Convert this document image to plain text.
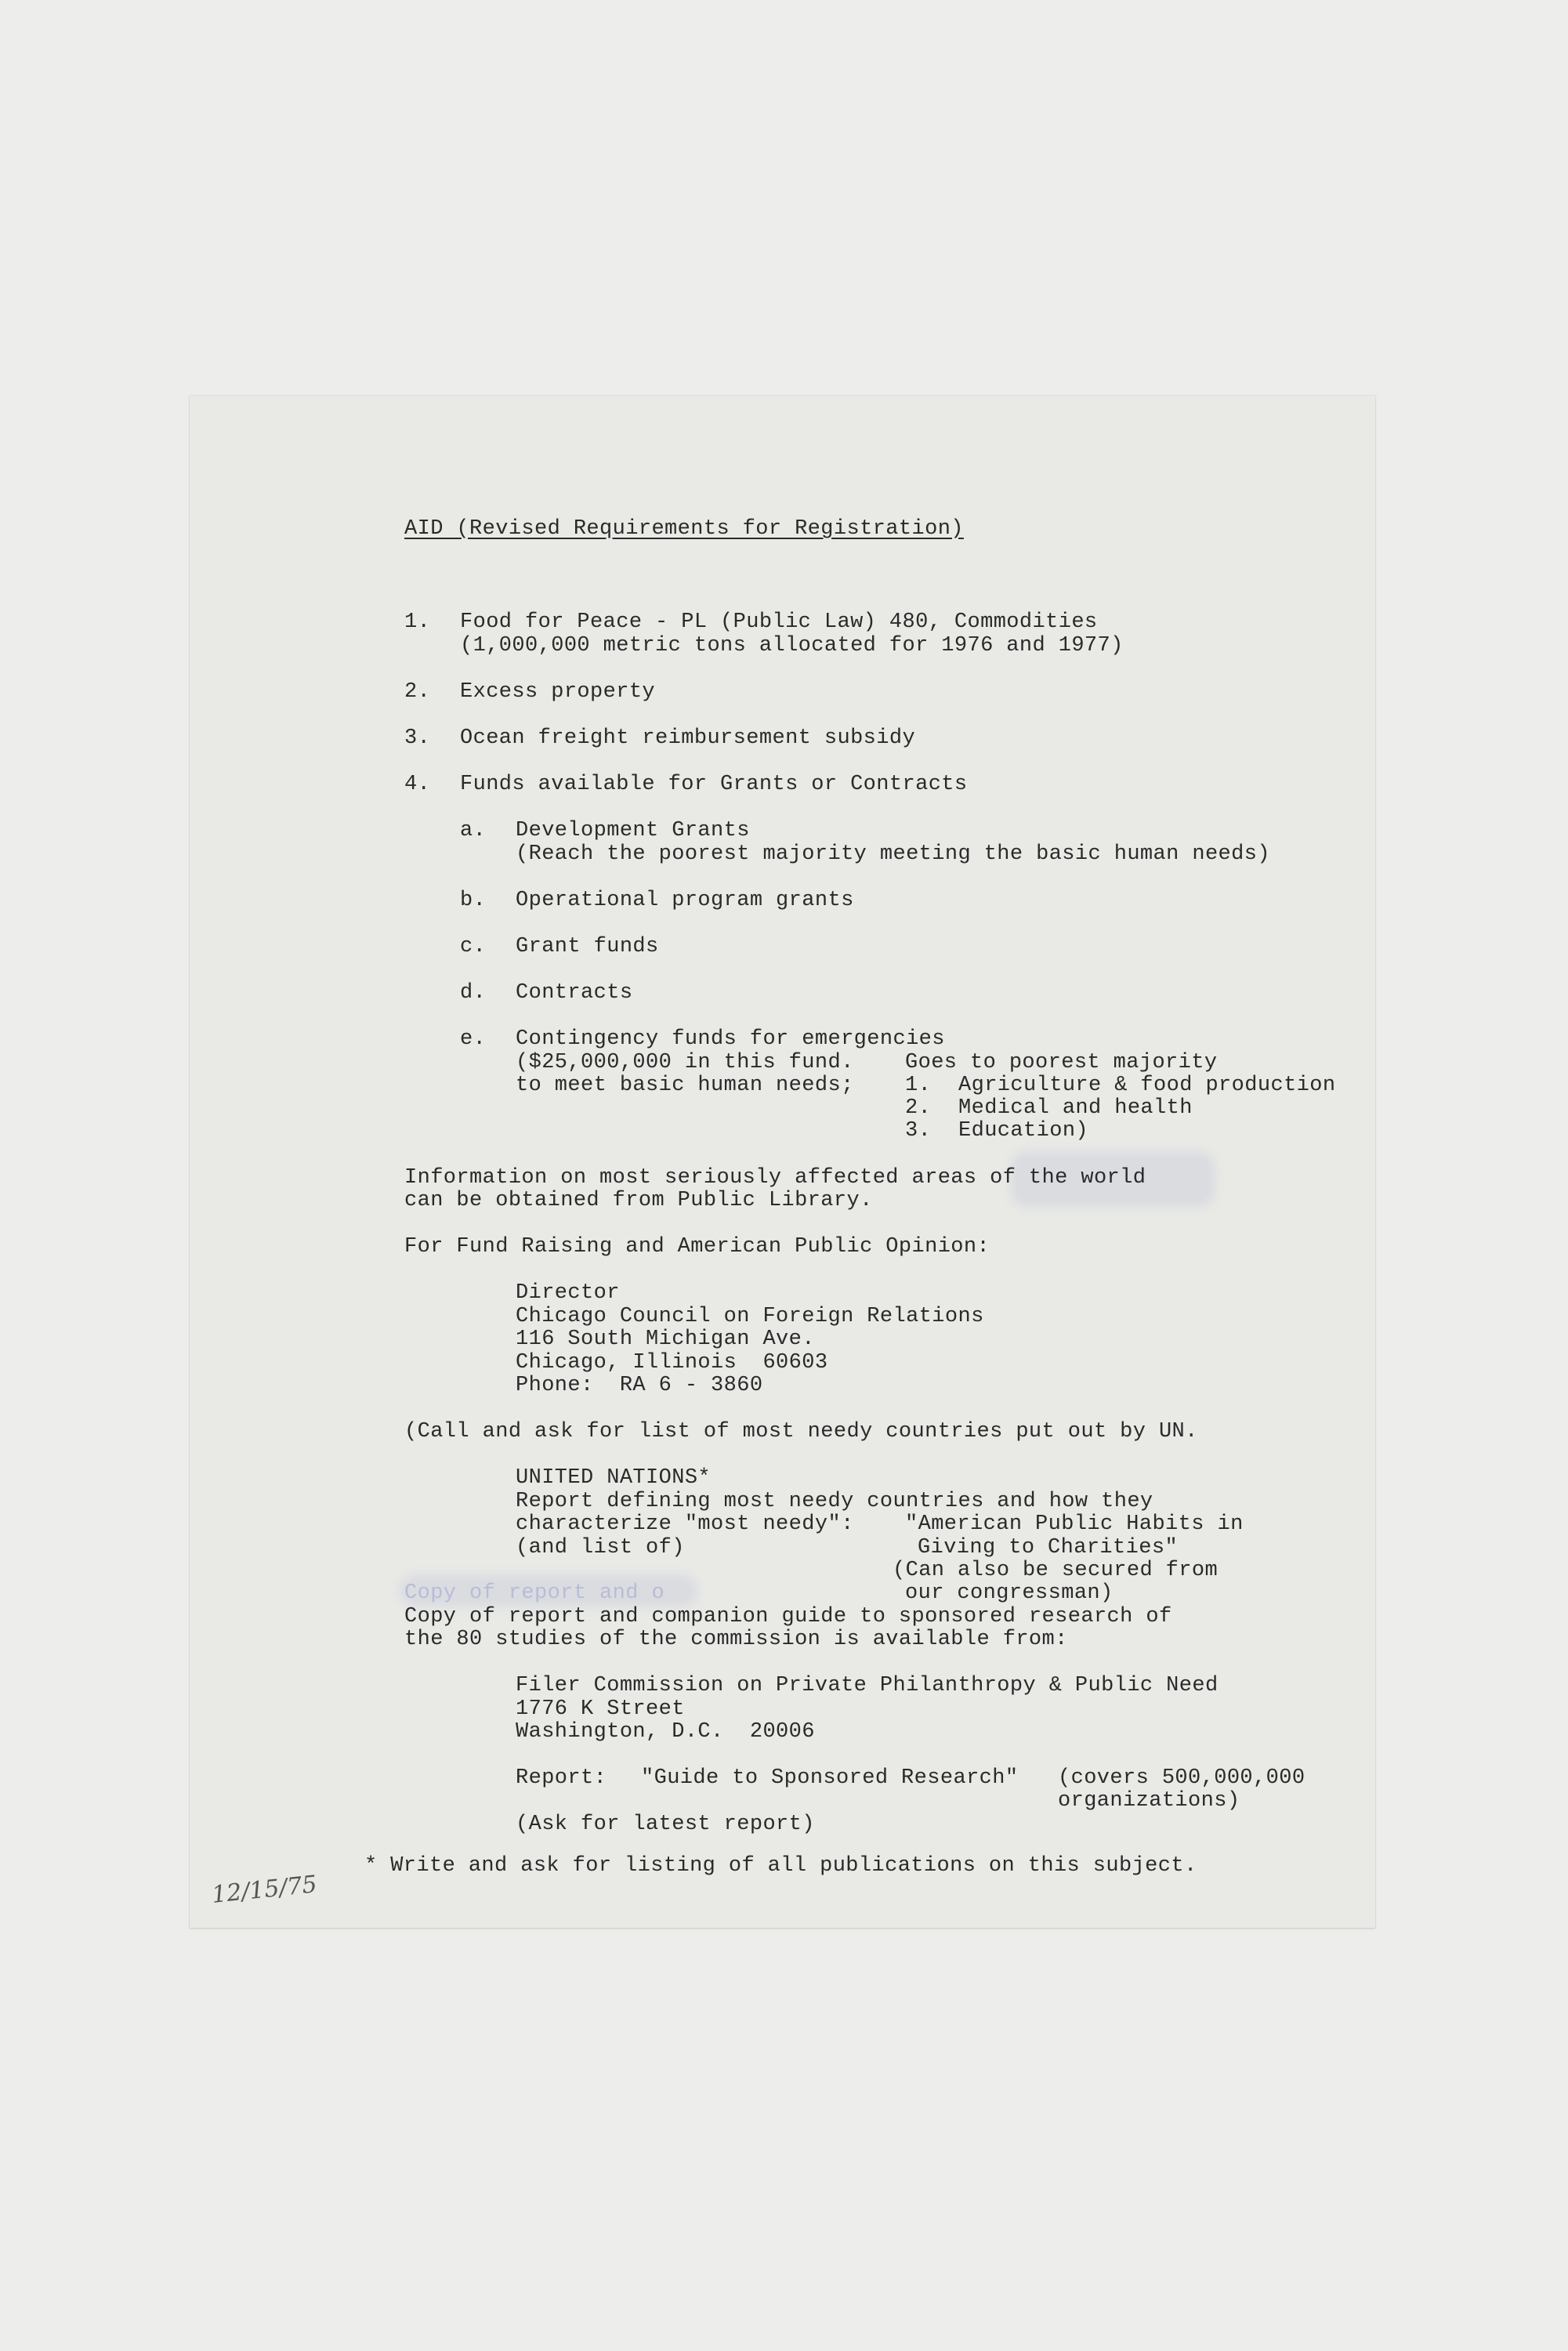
AID (Revised Requirements for Registration)
1. Food for Peace - PL (Public Law) 480, Commodities
(1,000,000 metric tons allocated for 1976 and 1977)
2. Excess property
3. Ocean freight reimbursement subsidy
4. Funds available for Grants or Contracts
a. Development Grants
(Reach the poorest majority meeting the basic human needs)
b. Operational program grants
c. Grant funds
d. Contracts
e. Contingency funds for emergencies
($25,000,000 in this fund. Goes to poorest majority
to meet basic human needs; 1. Agriculture & food production
2. Medical and health
3. Education)
Information on most seriously affected areas of the world
can be obtained from Public Library.
For Fund Raising and American Public Opinion:
Director
Chicago Council on Foreign Relations
116 South Michigan Ave.
Chicago, Illinois  60603
Phone:  RA 6 - 3860
(Call and ask for list of most needy countries put out by UN.
UNITED NATIONS*
Report defining most needy countries and how they
characterize "most needy":
(and list of)
"American Public Habits in
Giving to Charities"
(Can also be secured from
our congressman)
Copy of report and o
Copy of report and companion guide to sponsored research of
the 80 studies of the commission is available from:
Filer Commission on Private Philanthropy & Public Need
1776 K Street
Washington, D.C.  20006
Report: "Guide to Sponsored Research" (covers 500,000,000
organizations)
(Ask for latest report)
* Write and ask for listing of all publications on this subject.
12/15/75
